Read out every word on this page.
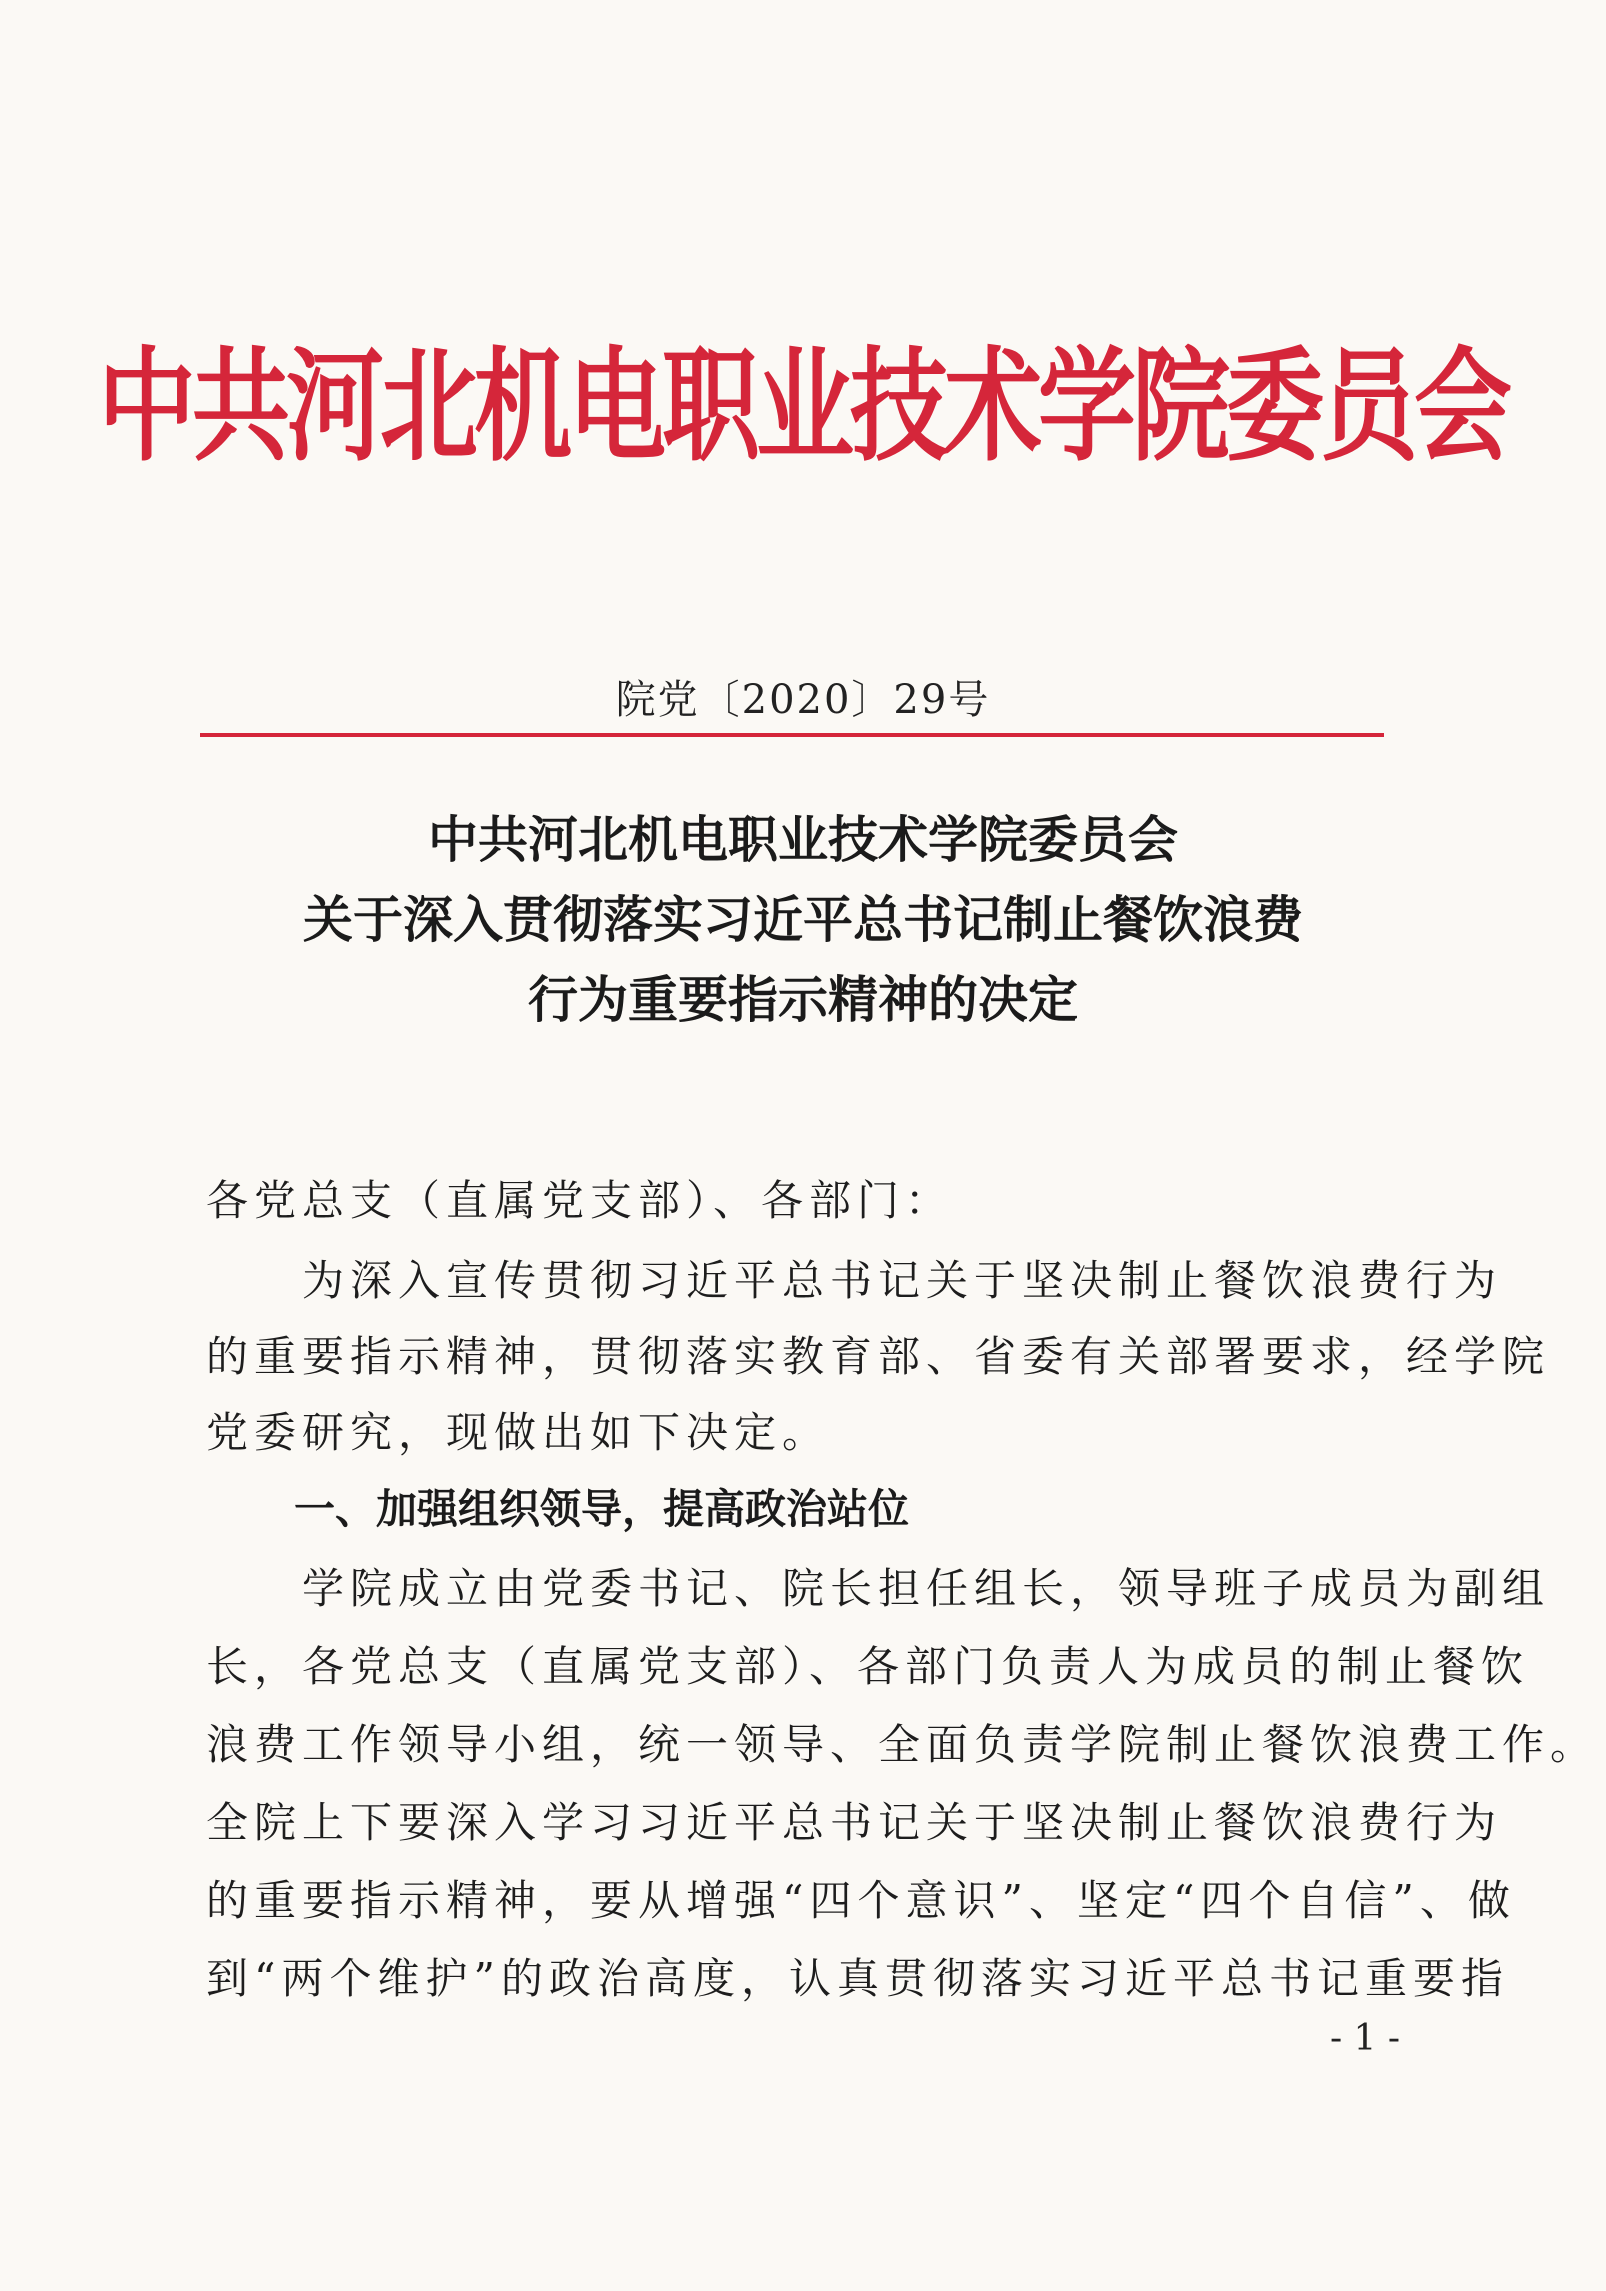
中共河北机电职业技术学院委员会
院党〔2020〕29号
中共河北机电职业技术学院委员会
关于深入贯彻落实习近平总书记制止餐饮浪费
行为重要指示精神的决定
各党总支（直属党支部）、各部门：
　　为深入宣传贯彻习近平总书记关于坚决制止餐饮浪费行为
的重要指示精神，贯彻落实教育部、省委有关部署要求，经学院
党委研究，现做出如下决定。
一、加强组织领导，提高政治站位
　　学院成立由党委书记、院长担任组长，领导班子成员为副组
长，各党总支（直属党支部）、各部门负责人为成员的制止餐饮
浪费工作领导小组，统一领导、全面负责学院制止餐饮浪费工作。
全院上下要深入学习习近平总书记关于坚决制止餐饮浪费行为
的重要指示精神，要从增强“四个意识”、坚定“四个自信”、做
到“两个维护”的政治高度，认真贯彻落实习近平总书记重要指
- 1 -
